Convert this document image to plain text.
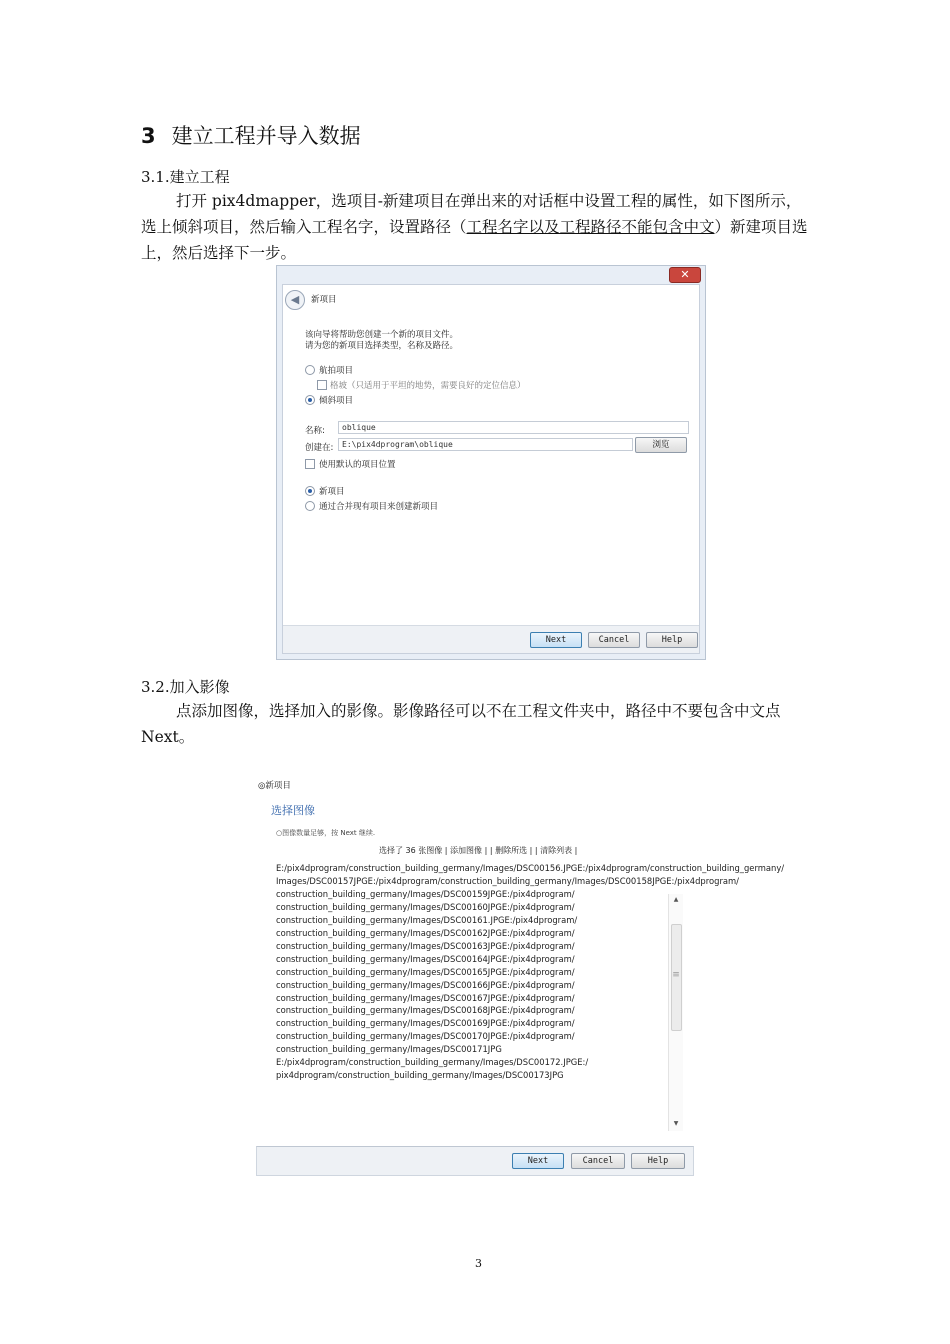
3 建立工程并导入数据
3.1.建立工程
打开 pix4dmapper，选项目-新建项目在弹出来的对话框中设置工程的属性，如下图所示，选上倾斜项目，然后输入工程名字，设置路径（工程名字以及工程路径不能包含中文）新建项目选上，然后选择下一步。
✕
◀	新项目
该向导将帮助您创建一个新的项目文件。
请为您的新项目选择类型，名称及路径。
航拍项目
格坡（只适用于平坦的地势，需要良好的定位信息）
倾斜项目
名称:	oblique
创建在:	E:\pix4dprogram\oblique	浏览
使用默认的项目位置
新项目
通过合并现有项目来创建新项目
Next	Cancel	Help
3.2.加入影像
点添加图像，选择加入的影像。影像路径可以不在工程文件夹中，路径中不要包含中文点 Next。
◎新项目
选择图像
○图像数量足够，按 Next 继续.
选择了 36 张图像 | 添加图像 | | 删除所选 | | 清除列表 |
E:/pix4dprogram/construction_building_germany/Images/DSC00156.JPGE:/pix4dprogram/construction_building_germany/
Images/DSC00157JPGE:/pix4dprogram/construction_building_germany/Images/DSC00158JPGE:/pix4dprogram/
construction_building_germany/Images/DSC00159JPGE:/pix4dprogram/
construction_building_germany/Images/DSC00160JPGE:/pix4dprogram/
construction_building_germany/Images/DSC00161.JPGE:/pix4dprogram/
construction_building_germany/Images/DSC00162JPGE:/pix4dprogram/
construction_building_germany/Images/DSC00163JPGE:/pix4dprogram/
construction_building_germany/Images/DSC00164JPGE:/pix4dprogram/
construction_building_germany/Images/DSC00165JPGE:/pix4dprogram/
construction_building_germany/Images/DSC00166JPGE:/pix4dprogram/
construction_building_germany/Images/DSC00167JPGE:/pix4dprogram/
construction_building_germany/Images/DSC00168JPGE:/pix4dprogram/
construction_building_germany/Images/DSC00169JPGE:/pix4dprogram/
construction_building_germany/Images/DSC00170JPGE:/pix4dprogram/
construction_building_germany/Images/DSC00171JPG
E:/pix4dprogram/construction_building_germany/Images/DSC00172.JPGE:/
pix4dprogram/construction_building_germany/Images/DSC00173JPG
▲
≡
▼
Next	Cancel	Help
3
